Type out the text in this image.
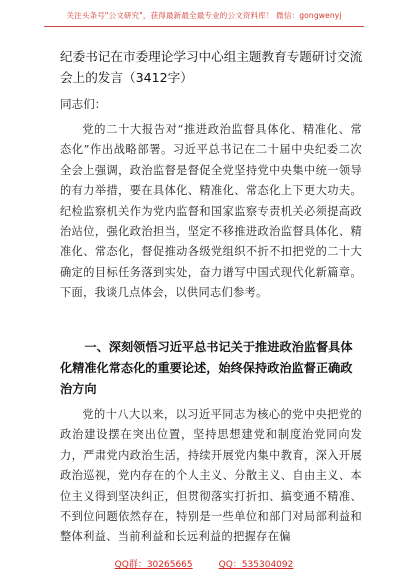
关注头条号"公文研究"，获得最新最全最专业的公文资料库！ 微信：gongwenyj
纪委书记在市委理论学习中心组主题教育专题研讨交流会上的发言（3412字）
同志们：

党的二十大报告对“推进政治监督具体化、精准化、常态化”作出战略部署。习近平总书记在二十届中央纪委二次全会上强调，政治监督是督促全党坚持党中央集中统一领导的有力举措，要在具体化、精准化、常态化上下更大功夫。纪检监察机关作为党内监督和国家监察专责机关必须提高政治站位，强化政治担当，坚定不移推进政治监督具体化、精准化、常态化，督促推动各级党组织不折不扣把党的二十大确定的目标任务落到实处，奋力谱写中国式现代化新篇章。下面，我谈几点体会，以供同志们参考。

一、深刻领悟习近平总书记关于推进政治监督具体化精准化常态化的重要论述，始终保持政治监督正确政治方向

党的十八大以来，以习近平同志为核心的党中央把党的政治建设摆在突出位置，坚持思想建党和制度治党同向发力，严肃党内政治生活，持续开展党内集中教育，深入开展政治巡视，党内存在的个人主义、分散主义、自由主义、本位主义得到坚决纠正，但贯彻落实打折扣、搞变通不精准、不到位问题依然存在，特别是一些单位和部门对局部利益和整体利益、当前利益和长远利益的把握存在偏

QQ群：30265665	QQ：535304092
